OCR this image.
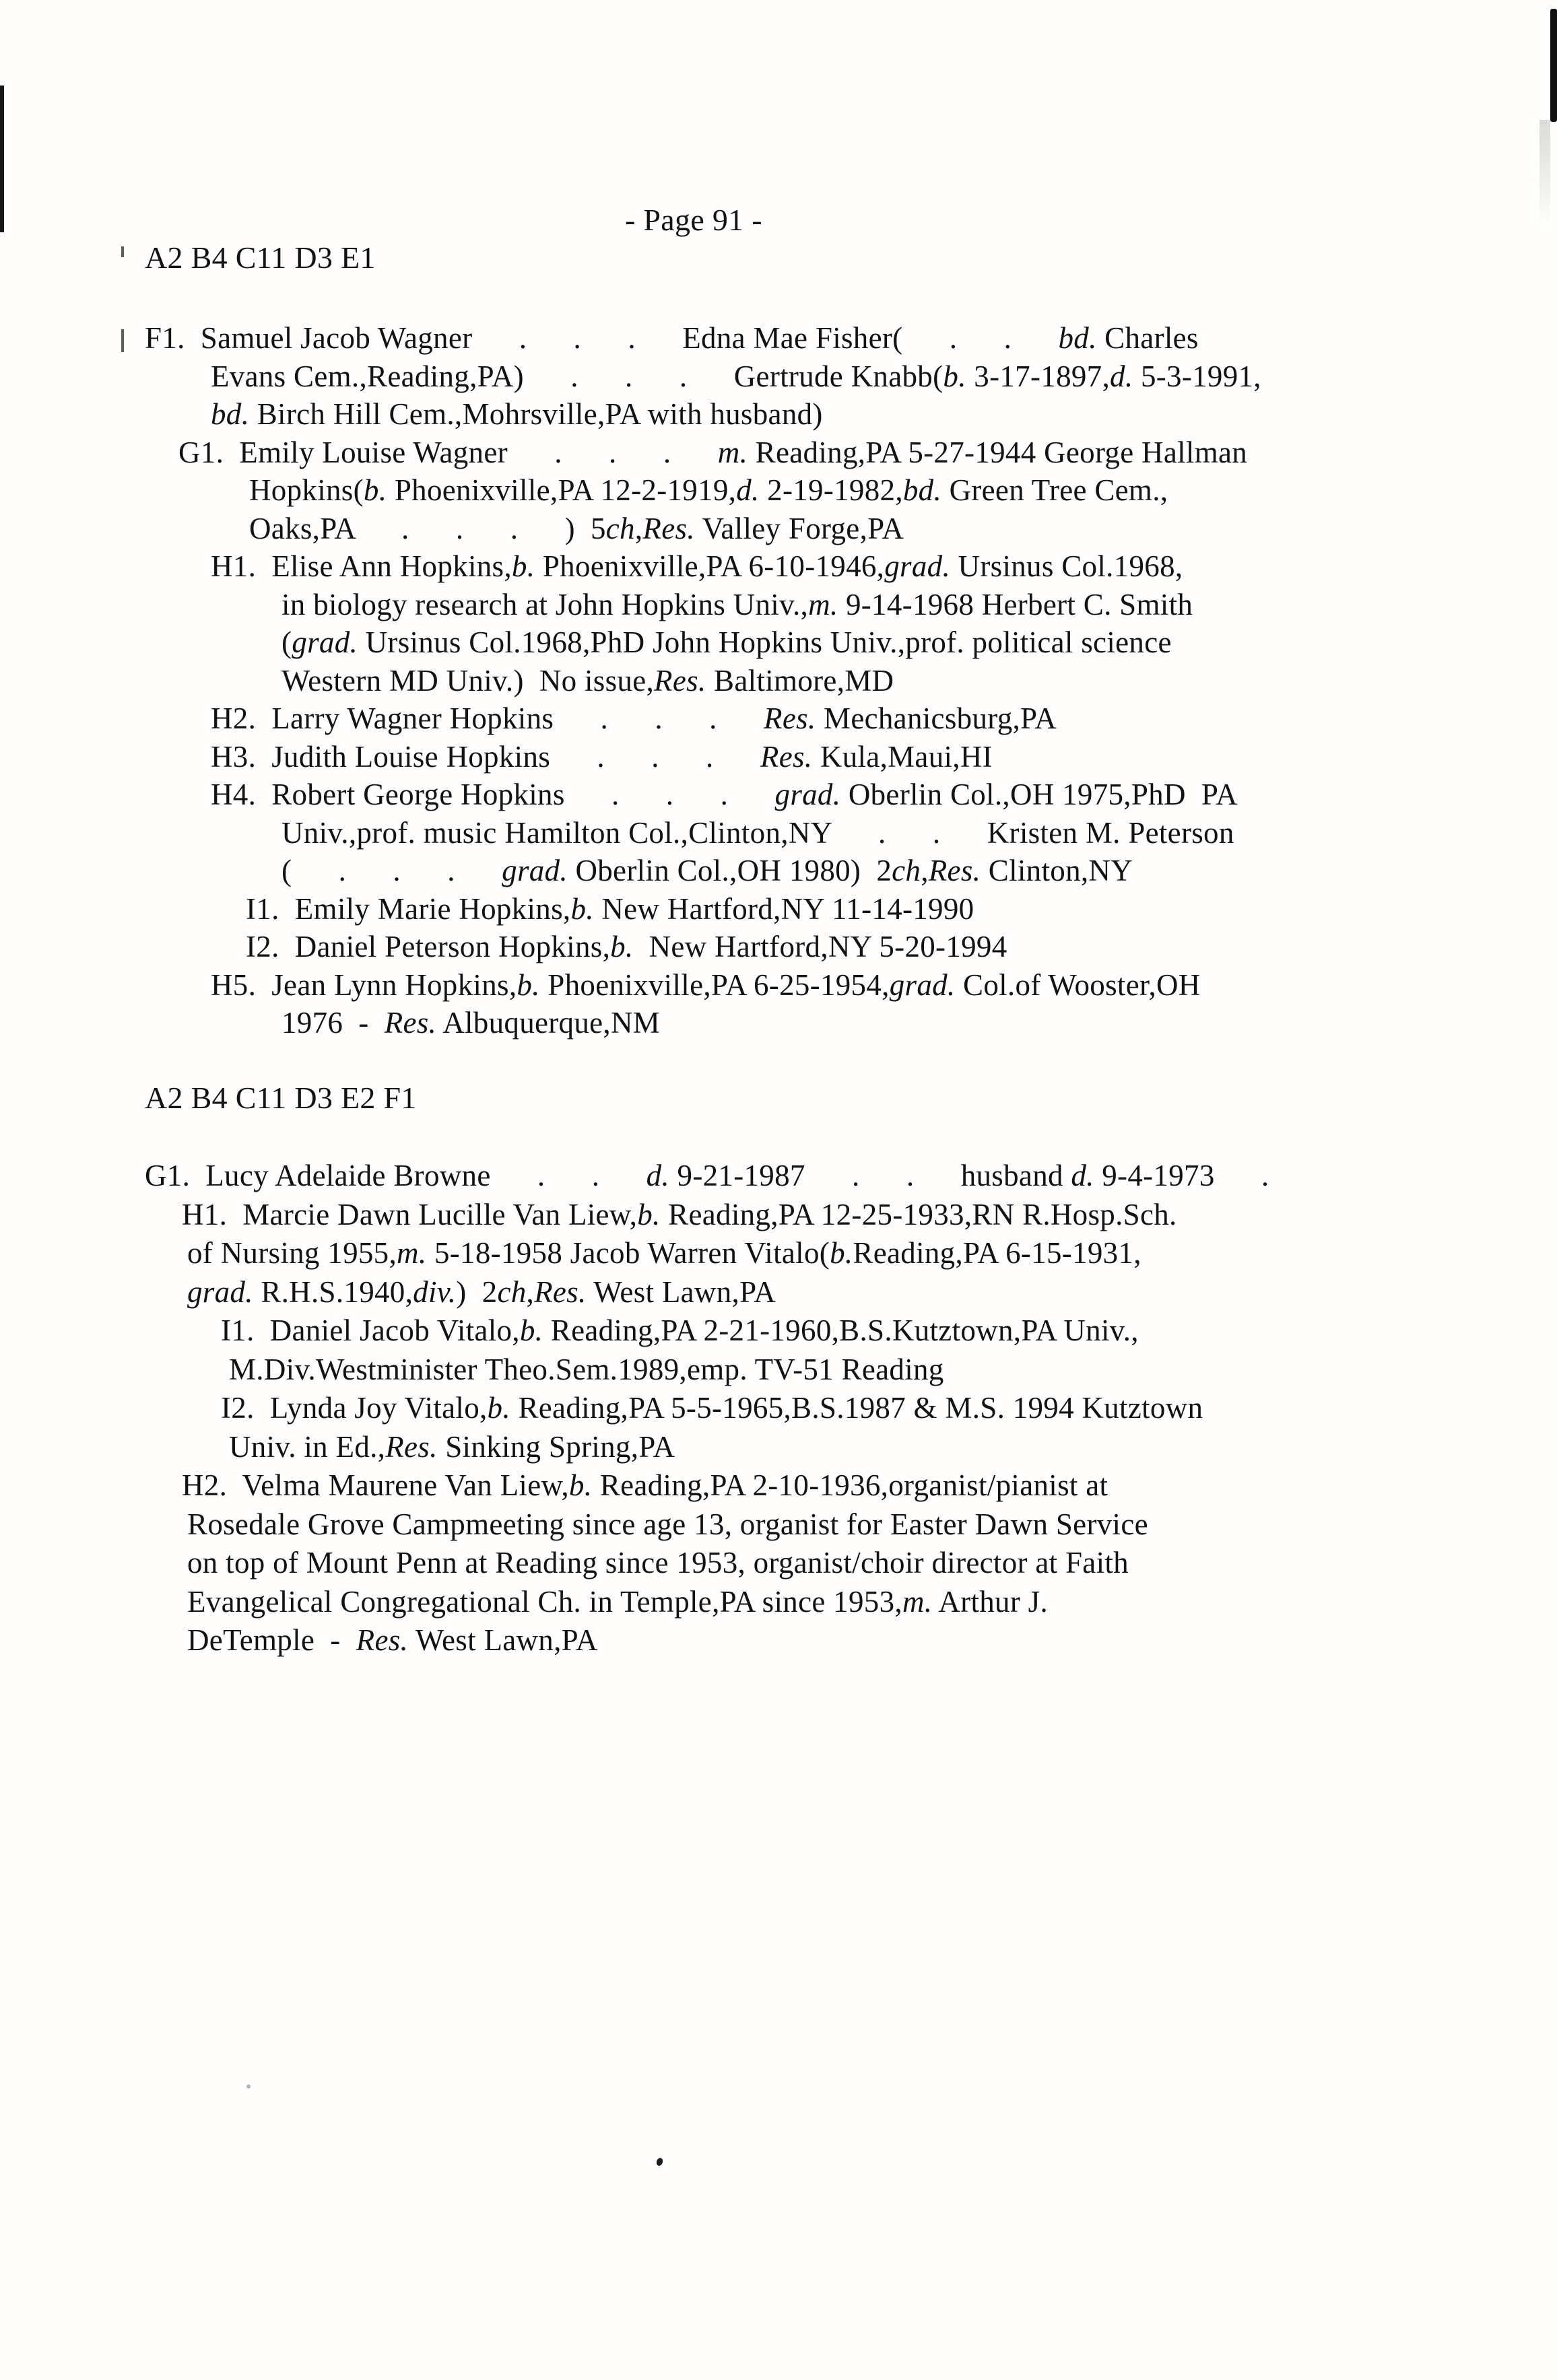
- Page 91 -
A2 B4 C11 D3 E1
F1.  Samuel Jacob Wagner      .      .      .      Edna Mae Fisher(      .      .      bd. Charles
Evans Cem.,Reading,PA)      .      .      .      Gertrude Knabb(b. 3-17-1897,d. 5-3-1991,
bd. Birch Hill Cem.,Mohrsville,PA with husband)
G1.  Emily Louise Wagner      .      .      .      m. Reading,PA 5-27-1944 George Hallman
Hopkins(b. Phoenixville,PA 12-2-1919,d. 2-19-1982,bd. Green Tree Cem.,
Oaks,PA      .      .      .      )  5ch,Res. Valley Forge,PA
H1.  Elise Ann Hopkins,b. Phoenixville,PA 6-10-1946,grad. Ursinus Col.1968,
in biology research at John Hopkins Univ.,m. 9-14-1968 Herbert C. Smith
(grad. Ursinus Col.1968,PhD John Hopkins Univ.,prof. political science
Western MD Univ.)  No issue,Res. Baltimore,MD
H2.  Larry Wagner Hopkins      .      .      .      Res. Mechanicsburg,PA
H3.  Judith Louise Hopkins      .      .      .      Res. Kula,Maui,HI
H4.  Robert George Hopkins      .      .      .      grad. Oberlin Col.,OH 1975,PhD  PA
Univ.,prof. music Hamilton Col.,Clinton,NY      .      .      Kristen M. Peterson
(      .      .      .      grad. Oberlin Col.,OH 1980)  2ch,Res. Clinton,NY
I1.  Emily Marie Hopkins,b. New Hartford,NY 11-14-1990
I2.  Daniel Peterson Hopkins,b.  New Hartford,NY 5-20-1994
H5.  Jean Lynn Hopkins,b. Phoenixville,PA 6-25-1954,grad. Col.of Wooster,OH
1976  -  Res. Albuquerque,NM
A2 B4 C11 D3 E2 F1
G1.  Lucy Adelaide Browne      .      .      d. 9-21-1987      .      .      husband d. 9-4-1973      .
H1.  Marcie Dawn Lucille Van Liew,b. Reading,PA 12-25-1933,RN R.Hosp.Sch.
of Nursing 1955,m. 5-18-1958 Jacob Warren Vitalo(b.Reading,PA 6-15-1931,
grad. R.H.S.1940,div.)  2ch,Res. West Lawn,PA
I1.  Daniel Jacob Vitalo,b. Reading,PA 2-21-1960,B.S.Kutztown,PA Univ.,
M.Div.Westminister Theo.Sem.1989,emp. TV-51 Reading
I2.  Lynda Joy Vitalo,b. Reading,PA 5-5-1965,B.S.1987 & M.S. 1994 Kutztown
Univ. in Ed.,Res. Sinking Spring,PA
H2.  Velma Maurene Van Liew,b. Reading,PA 2-10-1936,organist/pianist at
Rosedale Grove Campmeeting since age 13, organist for Easter Dawn Service
on top of Mount Penn at Reading since 1953, organist/choir director at Faith
Evangelical Congregational Ch. in Temple,PA since 1953,m. Arthur J.
DeTemple  -  Res. West Lawn,PA
